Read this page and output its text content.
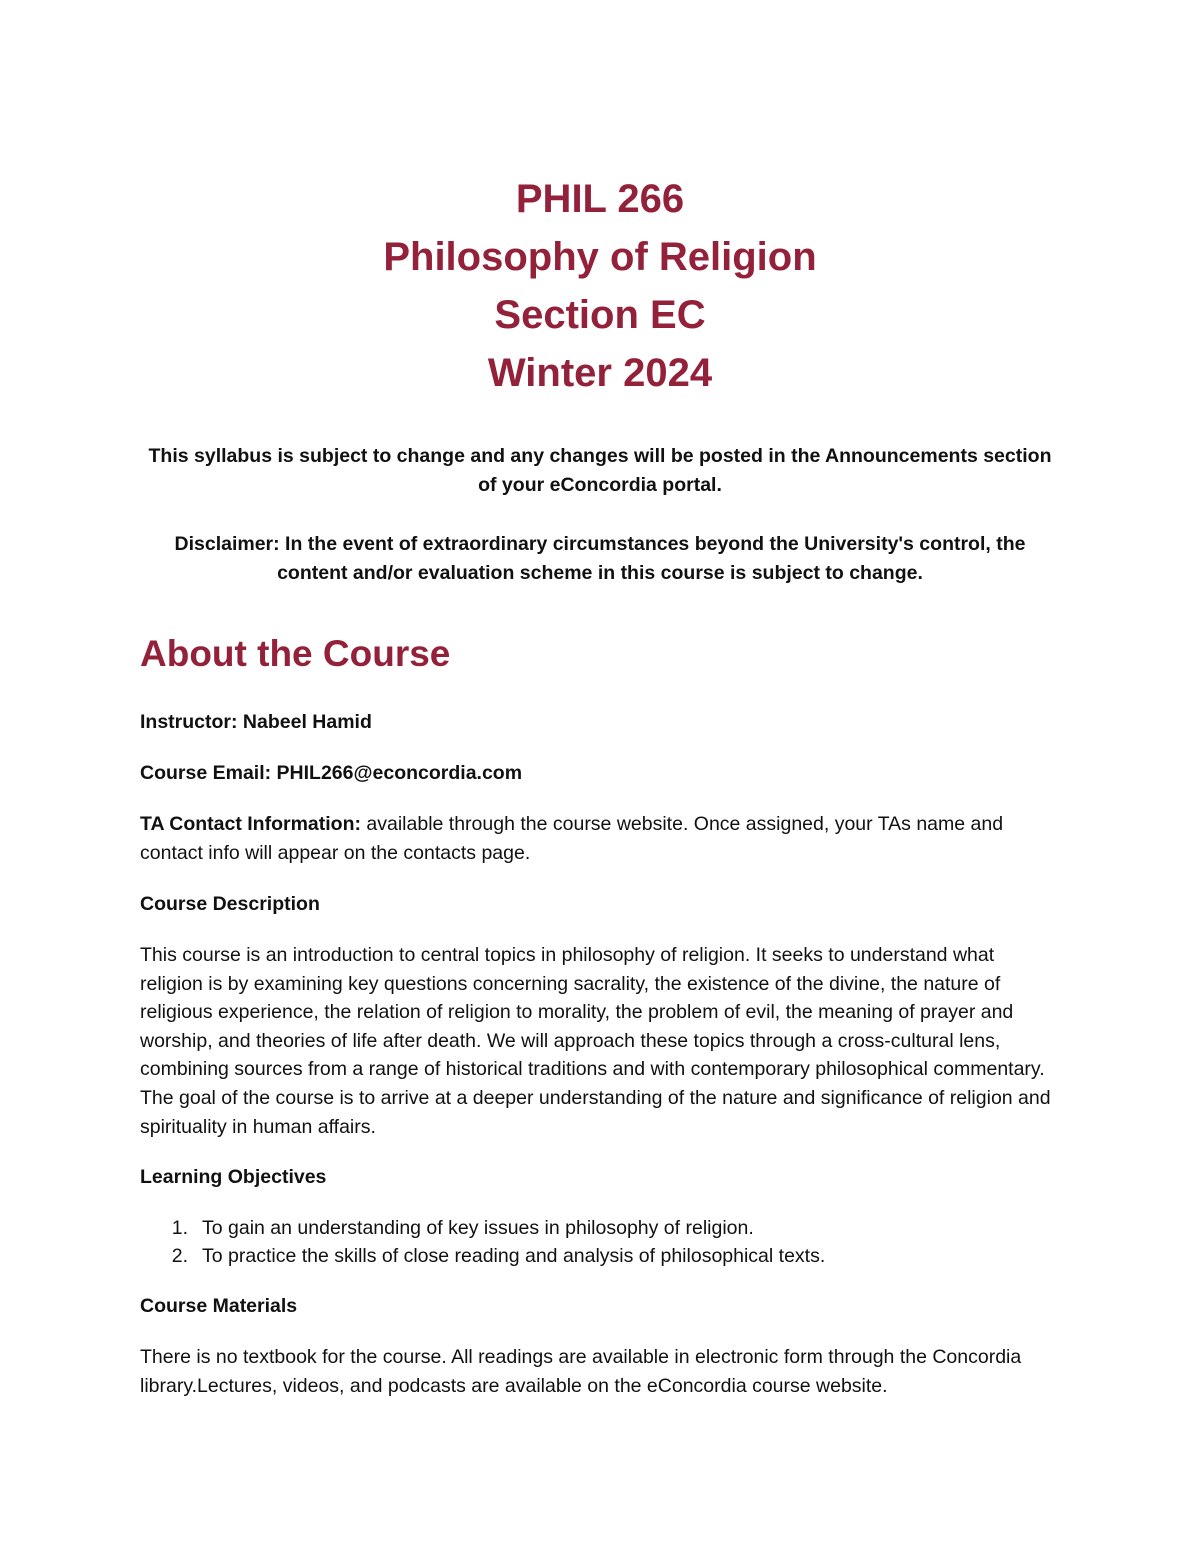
PHIL 266
Philosophy of Religion
Section EC
Winter 2024

This syllabus is subject to change and any changes will be posted in the Announcements section of your eConcordia portal.

Disclaimer: In the event of extraordinary circumstances beyond the University's control, the content and/or evaluation scheme in this course is subject to change.

About the Course

Instructor: Nabeel Hamid

Course Email: PHIL266@econcordia.com

TA Contact Information: available through the course website. Once assigned, your TAs name and contact info will appear on the contacts page.

Course Description

This course is an introduction to central topics in philosophy of religion. It seeks to understand what religion is by examining key questions concerning sacrality, the existence of the divine, the nature of religious experience, the relation of religion to morality, the problem of evil, the meaning of prayer and worship, and theories of life after death. We will approach these topics through a cross-cultural lens, combining sources from a range of historical traditions and with contemporary philosophical commentary. The goal of the course is to arrive at a deeper understanding of the nature and significance of religion and spirituality in human affairs.

Learning Objectives

1. To gain an understanding of key issues in philosophy of religion.
2. To practice the skills of close reading and analysis of philosophical texts.

Course Materials

There is no textbook for the course. All readings are available in electronic form through the Concordia library.Lectures, videos, and podcasts are available on the eConcordia course website.
